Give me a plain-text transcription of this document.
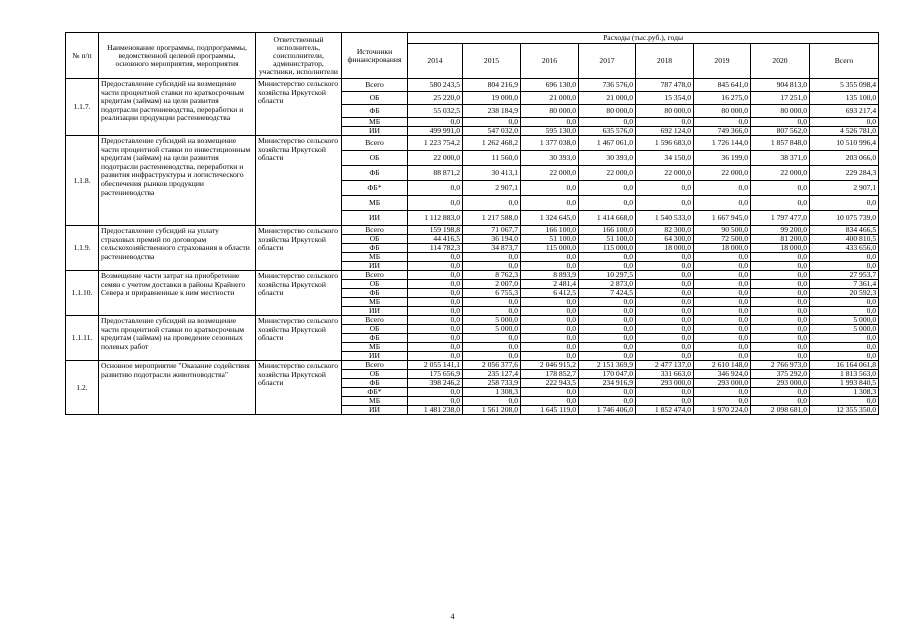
№ п/п	Наименование программы, подпрограммы, ведомственной целевой программы, основного мероприятия, мероприятия	Ответственный исполнитель, соисполнители, администратор, участники, исполнители	Источники финансирования	Расходы (тыс.руб.), годы							
				2014	2015	2016	2017	2018	2019	2020	Всего
1.1.7.	Предоставление субсидий на возмещение части процентной ставки по краткосрочным кредитам (займам) на цели развития подотрасли растениеводства, переработки и реализации продукции растениеводства	Министерство сельского хозяйства Иркутской области	Всего	580 243,5	804 216,9	696 130,0	736 576,0	787 478,0	845 641,0	904 813,0	5 355 098,4
			ОБ	25 220,0	19 000,0	21 000,0	21 000,0	15 354,0	16 275,0	17 251,0	135 100,0
			ФБ	55 032,5	238 184,9	80 000,0	80 000,0	80 000,0	80 000,0	80 000,0	693 217,4
			МБ	0,0	0,0	0,0	0,0	0,0	0,0	0,0	0,0
			ИИ	499 991,0	547 032,0	595 130,0	635 576,0	692 124,0	749 366,0	807 562,0	4 526 781,0
1.1.8.	Предоставление субсидий на возмещение части процентной ставки по инвестиционным кредитам (займам) на цели развития подотрасли растениеводства, переработки и развития инфраструктуры и логистического обеспечения рынков продукции растениеводства	Министерство сельского хозяйства Иркутской области	Всего	1 223 754,2	1 262 468,2	1 377 038,0	1 467 061,0	1 596 683,0	1 726 144,0	1 857 848,0	10 510 996,4
			ОБ	22 000,0	11 560,0	30 393,0	30 393,0	34 150,0	36 199,0	38 371,0	203 066,0
			ФБ	88 871,2	30 413,1	22 000,0	22 000,0	22 000,0	22 000,0	22 000,0	229 284,3
			ФБ*	0,0	2 907,1	0,0	0,0	0,0	0,0	0,0	2 907,1
			МБ	0,0	0,0	0,0	0,0	0,0	0,0	0,0	0,0
			ИИ	1 112 883,0	1 217 588,0	1 324 645,0	1 414 668,0	1 540 533,0	1 667 945,0	1 797 477,0	10 075 739,0
1.1.9.	Предоставление субсидий на уплату страховых премий по договорам сельскохозяйственного страхования в области растениеводства	Министерство сельского хозяйства Иркутской области	Всего	159 198,8	71 067,7	166 100,0	166 100,0	82 300,0	90 500,0	99 200,0	834 466,5
			ОБ	44 416,5	36 194,0	51 100,0	51 100,0	64 300,0	72 500,0	81 200,0	400 810,5
			ФБ	114 782,3	34 873,7	115 000,0	115 000,0	18 000,0	18 000,0	18 000,0	433 656,0
			МБ	0,0	0,0	0,0	0,0	0,0	0,0	0,0	0,0
			ИИ	0,0	0,0	0,0	0,0	0,0	0,0	0,0	0,0
1.1.10.	Возмещение части затрат на приобретение семян с учетом доставки в районы Крайнего Севера и приравненные к ним местности	Министерство сельского хозяйства Иркутской области	Всего	0,0	8 762,3	8 893,9	10 297,5	0,0	0,0	0,0	27 953,7
			ОБ	0,0	2 007,0	2 481,4	2 873,0	0,0	0,0	0,0	7 361,4
			ФБ	0,0	6 755,3	6 412,5	7 424,5	0,0	0,0	0,0	20 592,3
			МБ	0,0	0,0	0,0	0,0	0,0	0,0	0,0	0,0
			ИИ	0,0	0,0	0,0	0,0	0,0	0,0	0,0	0,0
1.1.11.	Предоставление субсидий на возмещение части процентной ставки по краткосрочным кредитам (займам) на проведение сезонных полевых работ	Министерство сельского хозяйства Иркутской области	Всего	0,0	5 000,0	0,0	0,0	0,0	0,0	0,0	5 000,0
			ОБ	0,0	5 000,0	0,0	0,0	0,0	0,0	0,0	5 000,0
			ФБ	0,0	0,0	0,0	0,0	0,0	0,0	0,0	0,0
			МБ	0,0	0,0	0,0	0,0	0,0	0,0	0,0	0,0
			ИИ	0,0	0,0	0,0	0,0	0,0	0,0	0,0	0,0
1.2.	Основное мероприятие "Оказание содействия развитию подотрасли животноводства"	Министерство сельского хозяйства Иркутской области	Всего	2 055 141,1	2 056 377,6	2 046 915,2	2 151 369,9	2 477 137,0	2 610 148,0	2 766 973,0	16 164 061,8
			ОБ	175 656,9	235 127,4	178 852,7	170 047,0	331 663,0	346 924,0	375 292,0	1 813 563,0
			ФБ	398 246,2	258 733,9	222 943,5	234 916,9	293 000,0	293 000,0	293 000,0	1 993 840,5
			ФБ*	0,0	1 308,3	0,0	0,0	0,0	0,0	0,0	1 308,3
			МБ	0,0	0,0	0,0	0,0	0,0	0,0	0,0	0,0
			ИИ	1 481 238,0	1 561 208,0	1 645 119,0	1 746 406,0	1 852 474,0	1 970 224,0	2 098 681,0	12 355 350,0
4
